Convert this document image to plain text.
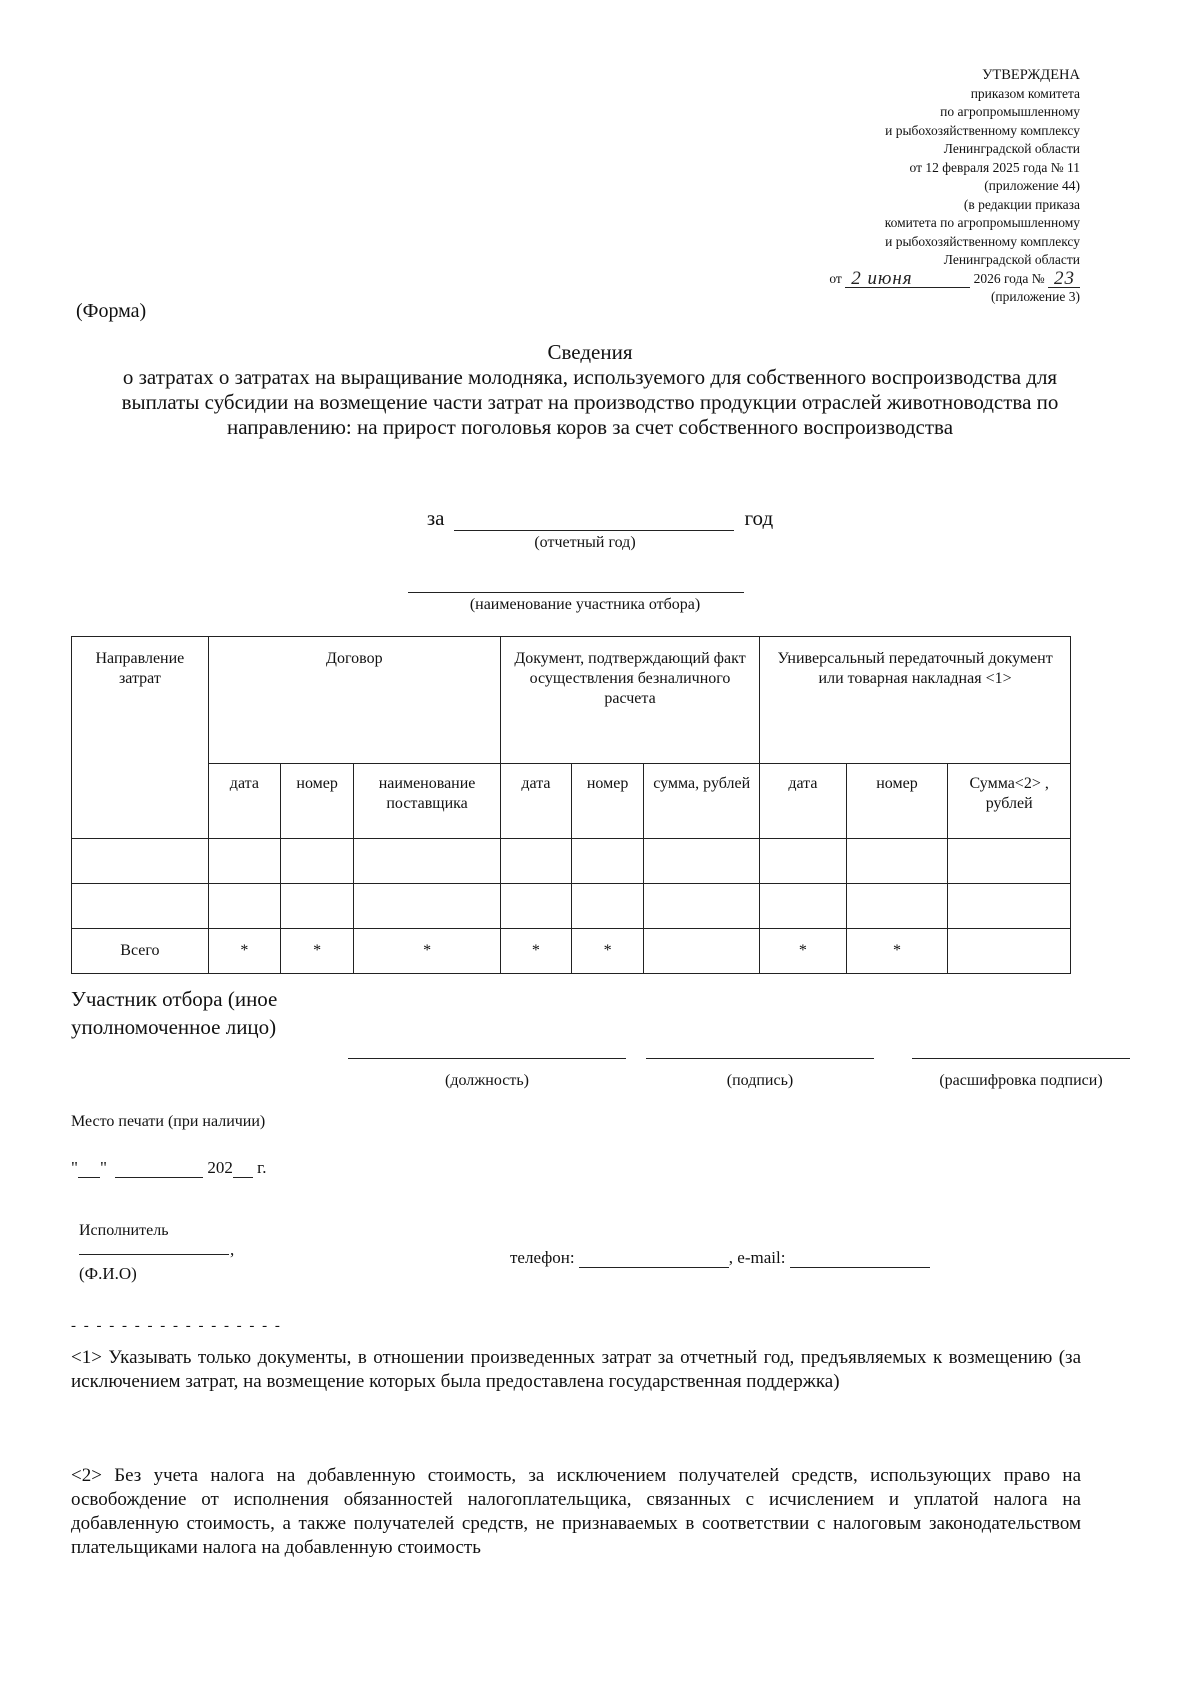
УТВЕРЖДЕНА
приказом комитета
по агропромышленному
и рыбохозяйственному комплексу
Ленинградской области
от 12 февраля 2025 года № 11
(приложение 44)
(в редакции приказа
комитета по агропромышленному
и рыбохозяйственному комплексу
Ленинградской области
от 2 июня	2026 года № 23
(приложение 3)
(Форма)
Сведения
о затратах о затратах на выращивание молодняка, используемого для собственного воспроизводства для выплаты субсидии на возмещение части затрат на производство продукции отраслей животноводства по направлению: на прирост поголовья коров за счет собственного воспроизводства
за	год
(отчетный год)
(наименование участника отбора)
Направление затрат	Договор			Документ, подтверждающий факт осуществления безналичного расчета			Универсальный передаточный документ или товарная накладная <1>		
	дата	номер	наименование поставщика	дата	номер	сумма, рублей	дата	номер	Сумма<2> , рублей

Всего	*	*	*	*	*		*	*	
Участник отбора (иное
уполномоченное лицо)
(должность)	(подпись)	(расшифровка подписи)
Место печати (при наличии)
" "	202 г.
Исполнитель
,
(Ф.И.О)
телефон:	, e-mail:
- - - - - - - - - - - - - - - - -
<1> Указывать только документы, в отношении произведенных затрат за отчетный год, предъявляемых к возмещению (за исключением затрат, на возмещение которых была предоставлена государственная поддержка)
<2> Без учета налога на добавленную стоимость, за исключением получателей средств, использующих право на освобождение от исполнения обязанностей налогоплательщика, связанных с исчислением и уплатой налога на добавленную стоимость, а также получателей средств, не признаваемых в соответствии с налоговым законодательством плательщиками налога на добавленную стоимость
